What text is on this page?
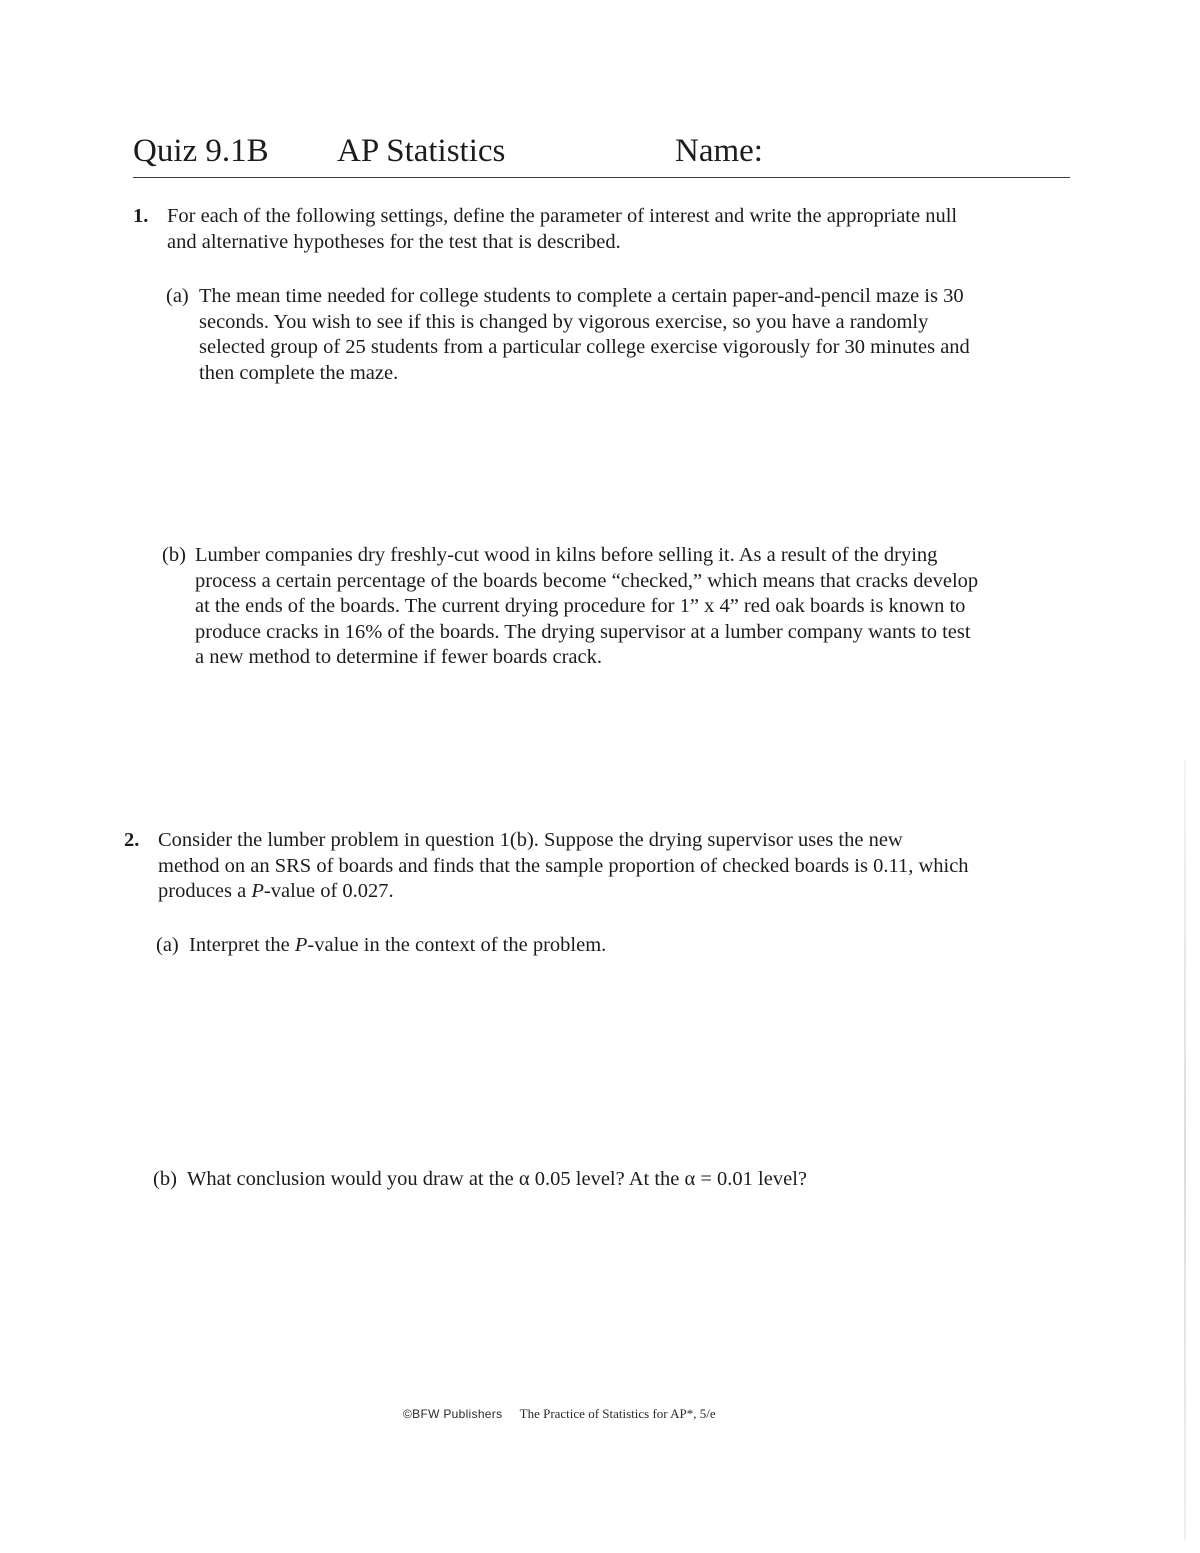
Quiz 9.1B AP Statistics	Name:
1. For each of the following settings, define the parameter of interest and write the appropriate null
and alternative hypotheses for the test that is described.
(a) The mean time needed for college students to complete a certain paper-and-pencil maze is 30
seconds. You wish to see if this is changed by vigorous exercise, so you have a randomly
selected group of 25 students from a particular college exercise vigorously for 30 minutes and
then complete the maze.
(b) Lumber companies dry freshly-cut wood in kilns before selling it. As a result of the drying
process a certain percentage of the boards become “checked,” which means that cracks develop
at the ends of the boards. The current drying procedure for 1” x 4” red oak boards is known to
produce cracks in 16% of the boards. The drying supervisor at a lumber company wants to test
a new method to determine if fewer boards crack.
2. Consider the lumber problem in question 1(b). Suppose the drying supervisor uses the new
method on an SRS of boards and finds that the sample proportion of checked boards is 0.11, which
produces a P-value of 0.027.
(a) Interpret the P-value in the context of the problem.
(b) What conclusion would you draw at the α 0.05 level? At the α = 0.01 level?
©BFW Publishers The Practice of Statistics for AP*, 5/e
